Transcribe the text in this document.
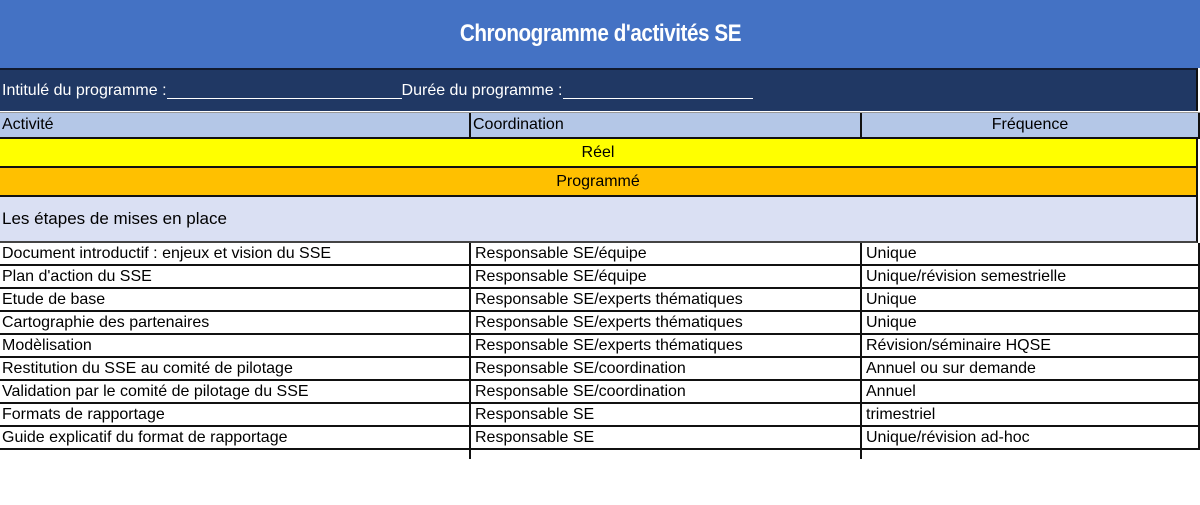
Chronogramme d'activités SE
Intitulé du programme :	Durée du programme :
Activité	Coordination	Fréquence
Réel
Programmé
Les étapes de mises en place
Document introductif : enjeux et vision du SSE	Responsable SE/équipe	Unique
Plan d'action du SSE	Responsable SE/équipe	Unique/révision semestrielle
Etude de base	Responsable SE/experts thématiques	Unique
Cartographie des partenaires	Responsable SE/experts thématiques	Unique
Modèlisation	Responsable SE/experts thématiques	Révision/séminaire HQSE
Restitution du SSE au comité de pilotage	Responsable SE/coordination	Annuel ou sur demande
Validation par le comité de pilotage du SSE	Responsable SE/coordination	Annuel
Formats de rapportage	Responsable SE	trimestriel
Guide explicatif du format de rapportage	Responsable SE	Unique/révision ad-hoc
